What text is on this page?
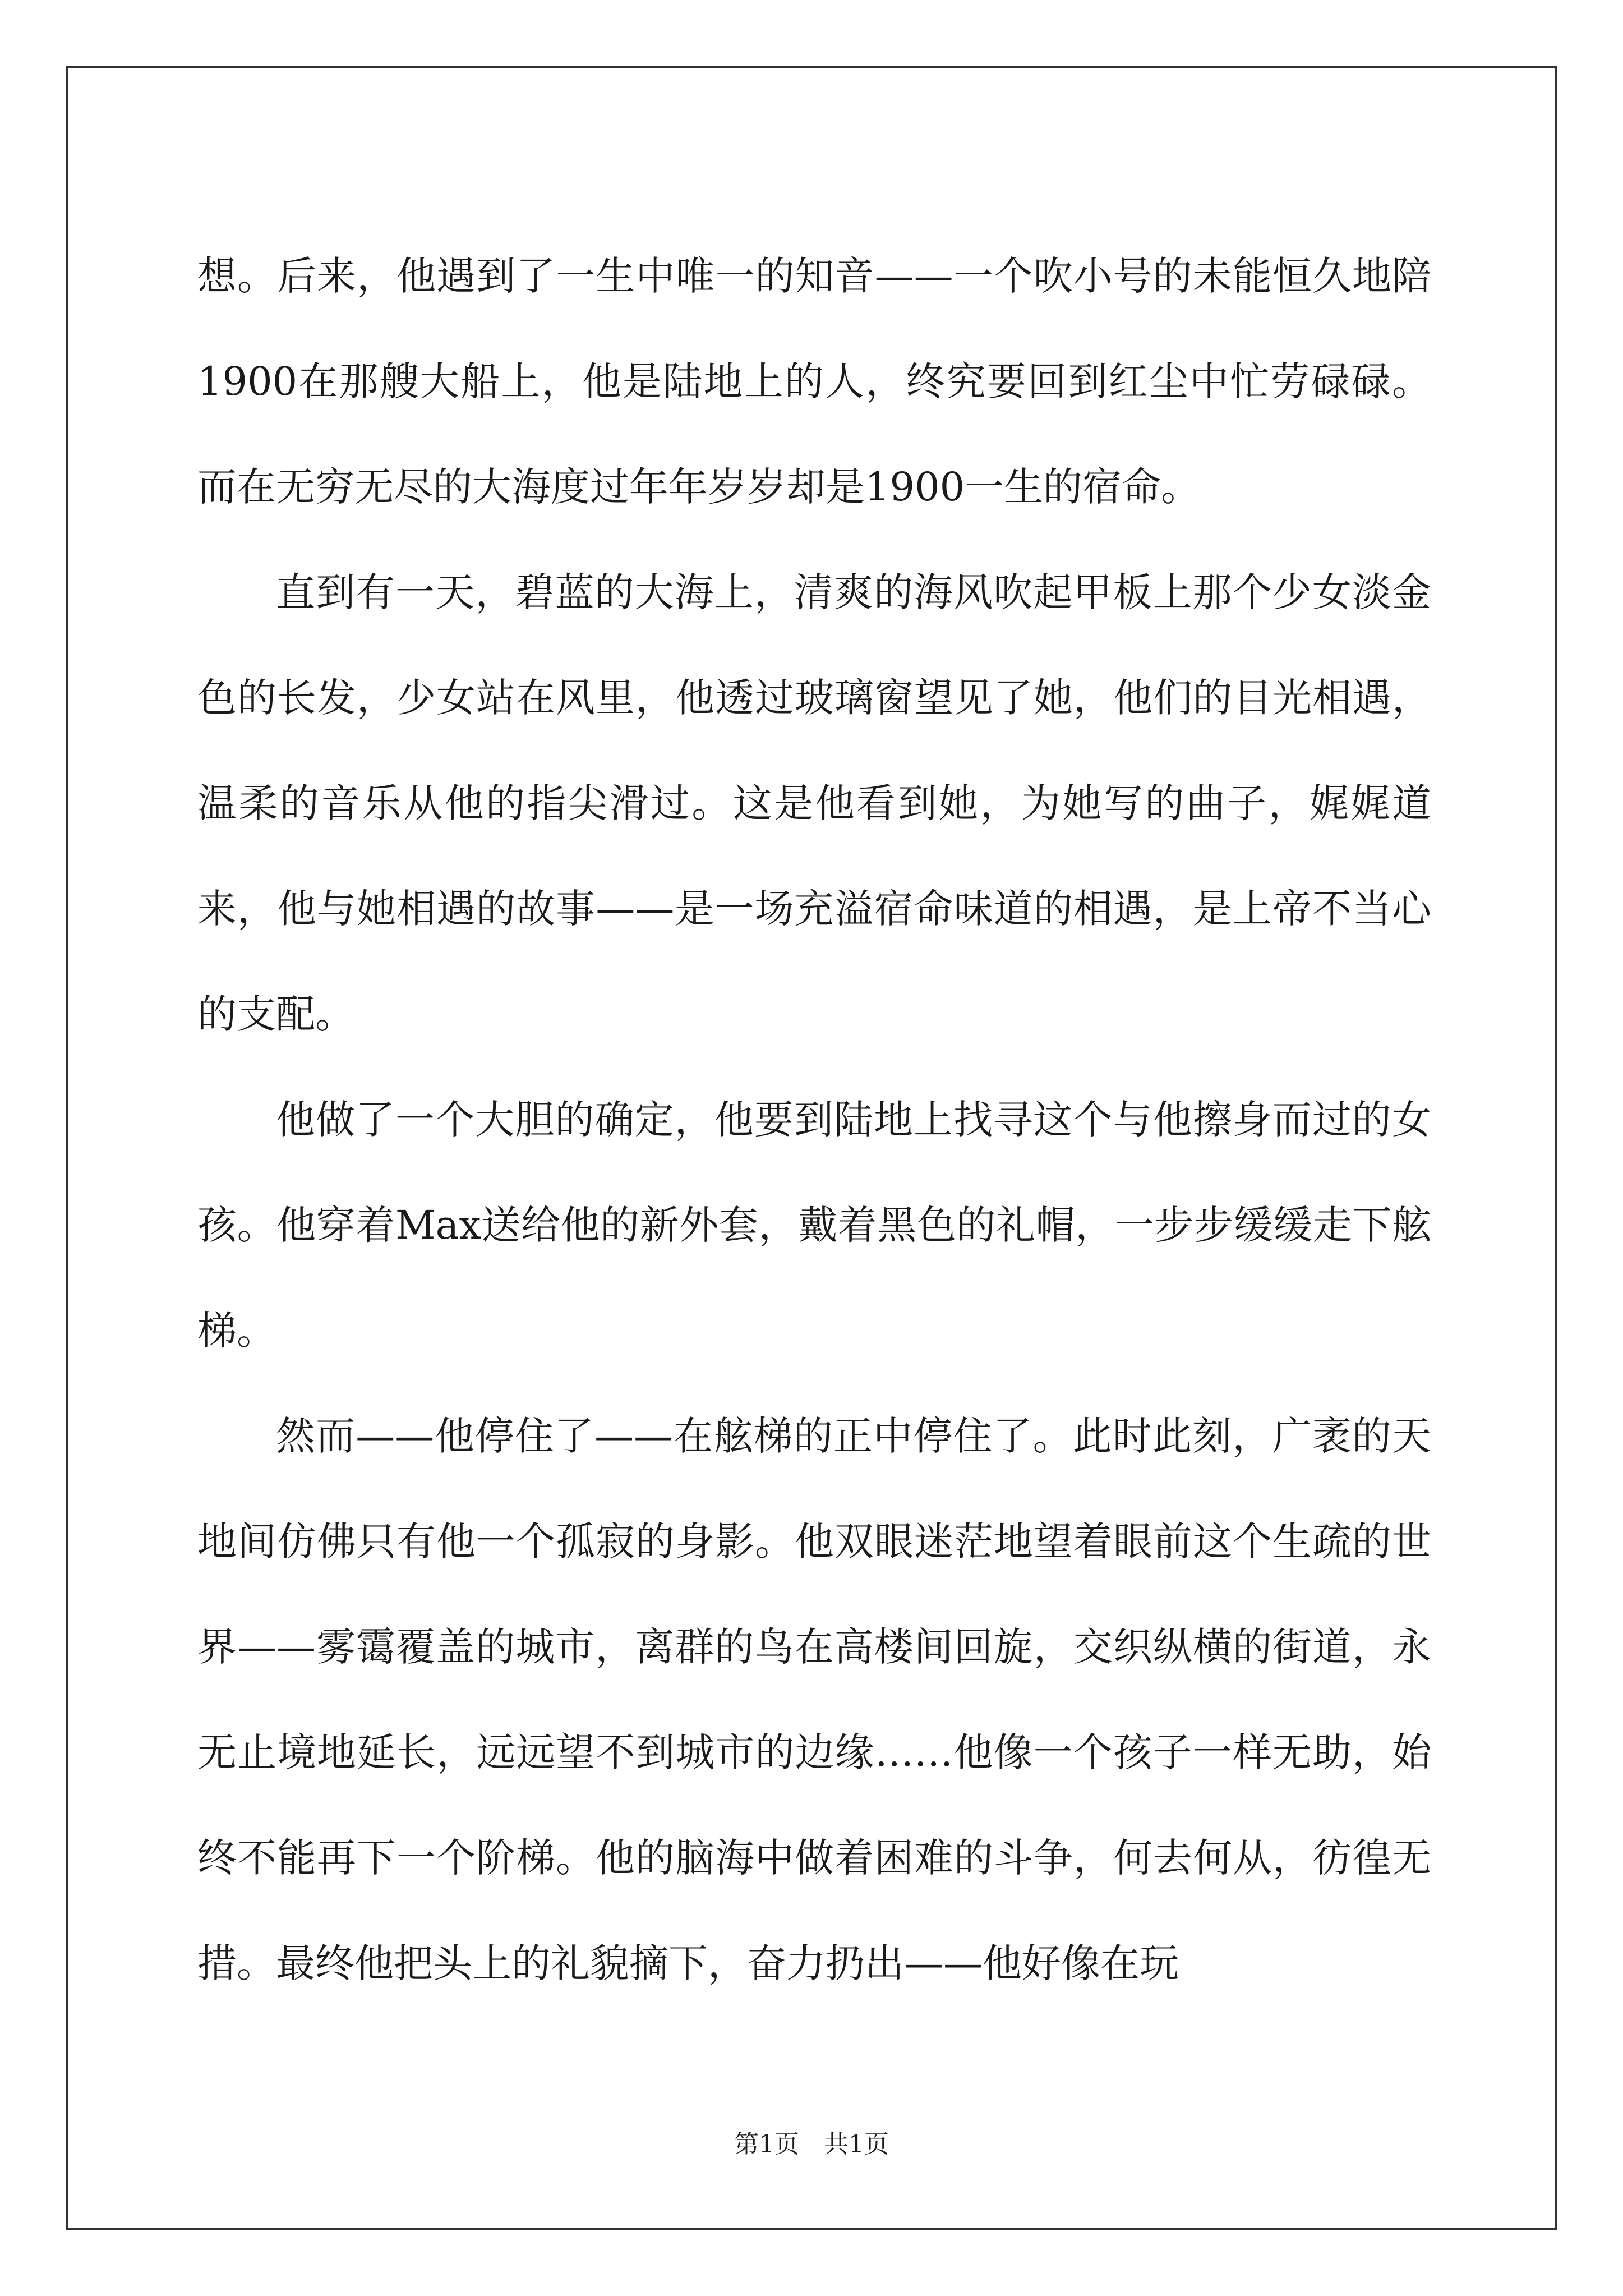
想。后来，他遇到了一生中唯一的知音——一个吹小号的未能恒久地陪1900在那艘大船上，他是陆地上的人，终究要回到红尘中忙劳碌碌。而在无穷无尽的大海度过年年岁岁却是1900一生的宿命。

直到有一天，碧蓝的大海上，清爽的海风吹起甲板上那个少女淡金色的长发，少女站在风里，他透过玻璃窗望见了她，他们的目光相遇，温柔的音乐从他的指尖滑过。这是他看到她，为她写的曲子，娓娓道来，他与她相遇的故事——是一场充溢宿命味道的相遇，是上帝不当心的支配。

他做了一个大胆的确定，他要到陆地上找寻这个与他擦身而过的女孩。他穿着Max送给他的新外套，戴着黑色的礼帽，一步步缓缓走下舷梯。

然而——他停住了——在舷梯的正中停住了。此时此刻，广袤的天地间仿佛只有他一个孤寂的身影。他双眼迷茫地望着眼前这个生疏的世界——雾霭覆盖的城市，离群的鸟在高楼间回旋，交织纵横的街道，永无止境地延长，远远望不到城市的边缘……他像一个孩子一样无助，始终不能再下一个阶梯。他的脑海中做着困难的斗争，何去何从，彷徨无措。最终他把头上的礼貌摘下，奋力扔出——他好像在玩

第1页　共1页
